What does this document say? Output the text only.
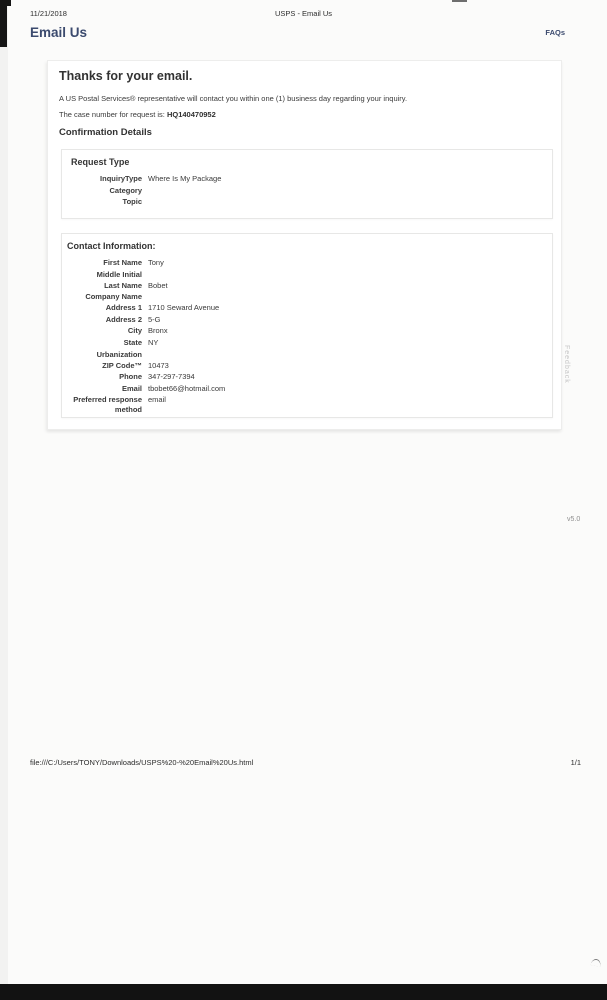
11/21/2018	USPS - Email Us
FAQs
Email Us
Thanks for your email.
A US Postal Services® representative will contact you within one (1) business day regarding your inquiry.
The case number for request is: HQ140470952
Confirmation Details
Request Type
InquiryType Where Is My Package
Category
Topic
Contact Information:
First Name Tony
Middle Initial
Last Name Bobet
Company Name
Address 1 1710 Seward Avenue
Address 2 5-G
City Bronx
State NY
Urbanization
ZIP Code™ 10473
Phone 347-297-7394
Email tbobet66@hotmail.com
Preferred response method
email
Feedback
v5.0
file:///C:/Users/TONY/Downloads/USPS%20-%20Email%20Us.html	1/1
